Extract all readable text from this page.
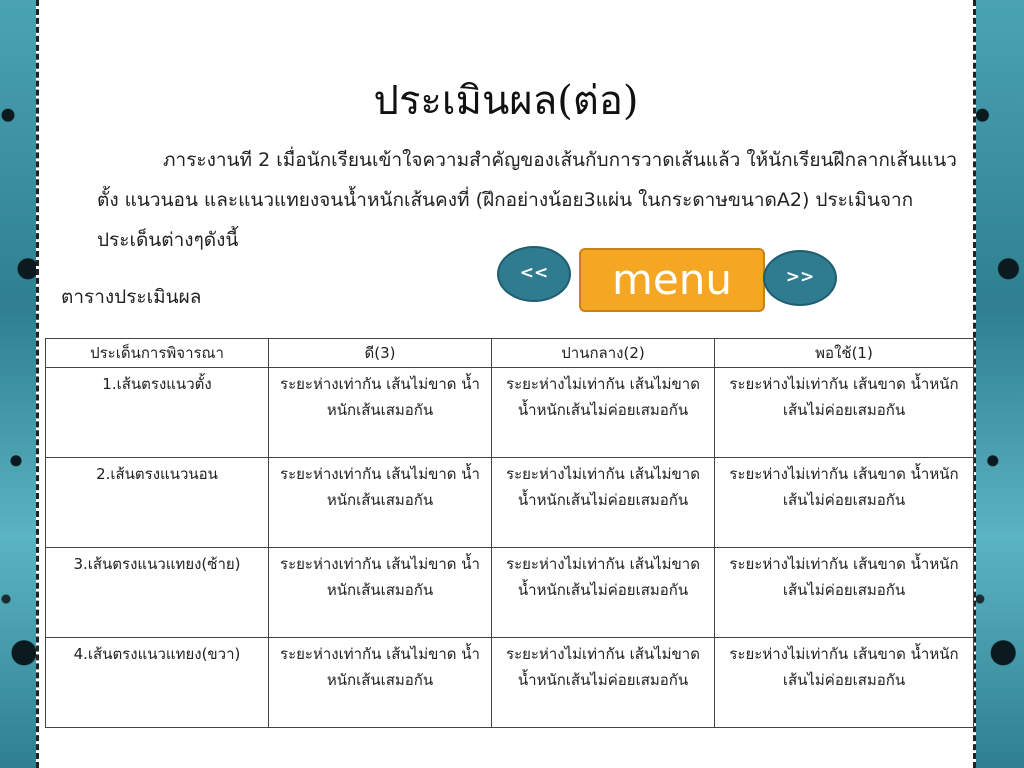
ประเมินผล(ต่อ)
ภาระงานที 2 เมื่อนักเรียนเข้าใจความสำคัญของเส้นกับการวาดเส้นแล้ว ให้นักเรียนฝึกลากเส้นแนวตั้ง แนวนอน และแนวแทยงจนน้ำหนักเส้นคงที่ (ฝึกอย่างน้อย3แผ่น ในกระดาษขนาดA2) ประเมินจากประเด็นต่างๆดังนี้
ตารางประเมินผล
<<	menu	>>
ประเด็นการพิจารณา	ดี(3)	ปานกลาง(2)	พอใช้(1)
1.เส้นตรงแนวตั้ง	ระยะห่างเท่ากัน เส้นไม่ขาด น้ำหนักเส้นเสมอกัน	ระยะห่างไม่เท่ากัน เส้นไม่ขาด น้ำหนักเส้นไม่ค่อยเสมอกัน	ระยะห่างไม่เท่ากัน เส้นขาด น้ำหนักเส้นไม่ค่อยเสมอกัน
2.เส้นตรงแนวนอน	ระยะห่างเท่ากัน เส้นไม่ขาด น้ำหนักเส้นเสมอกัน	ระยะห่างไม่เท่ากัน เส้นไม่ขาด น้ำหนักเส้นไม่ค่อยเสมอกัน	ระยะห่างไม่เท่ากัน เส้นขาด น้ำหนักเส้นไม่ค่อยเสมอกัน
3.เส้นตรงแนวแทยง(ซ้าย)	ระยะห่างเท่ากัน เส้นไม่ขาด น้ำหนักเส้นเสมอกัน	ระยะห่างไม่เท่ากัน เส้นไม่ขาด น้ำหนักเส้นไม่ค่อยเสมอกัน	ระยะห่างไม่เท่ากัน เส้นขาด น้ำหนักเส้นไม่ค่อยเสมอกัน
4.เส้นตรงแนวแทยง(ขวา)	ระยะห่างเท่ากัน เส้นไม่ขาด น้ำหนักเส้นเสมอกัน	ระยะห่างไม่เท่ากัน เส้นไม่ขาด น้ำหนักเส้นไม่ค่อยเสมอกัน	ระยะห่างไม่เท่ากัน เส้นขาด น้ำหนักเส้นไม่ค่อยเสมอกัน
